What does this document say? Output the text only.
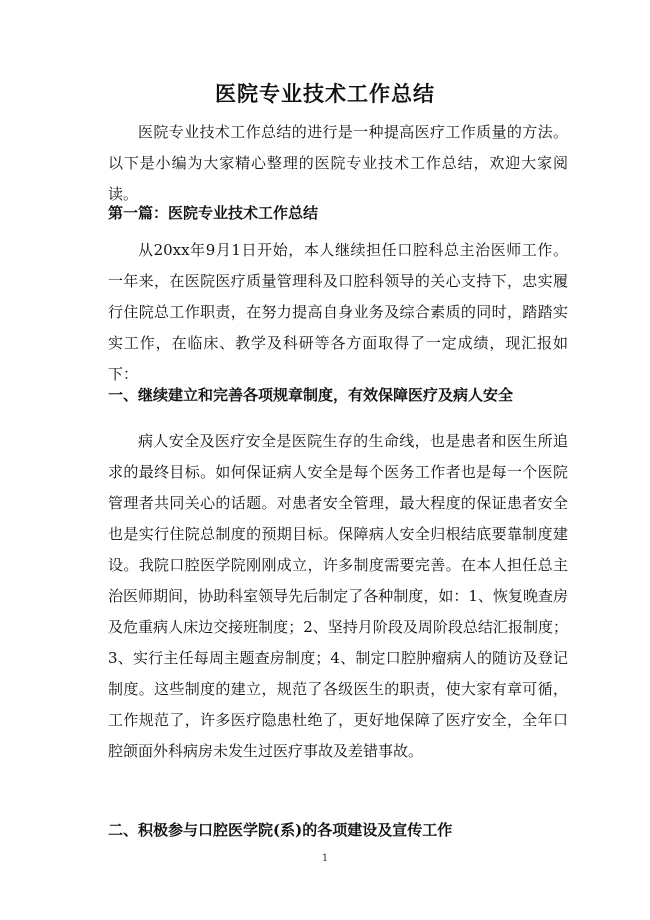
医院专业技术工作总结
医院专业技术工作总结的进行是一种提高医疗工作质量的方法。以下是小编为大家精心整理的医院专业技术工作总结，欢迎大家阅读。
第一篇：医院专业技术工作总结
从20xx年9月1日开始，本人继续担任口腔科总主治医师工作。一年来，在医院医疗质量管理科及口腔科领导的关心支持下，忠实履行住院总工作职责，在努力提高自身业务及综合素质的同时，踏踏实实工作，在临床、教学及科研等各方面取得了一定成绩，现汇报如下：
一、继续建立和完善各项规章制度，有效保障医疗及病人安全
病人安全及医疗安全是医院生存的生命线，也是患者和医生所追求的最终目标。如何保证病人安全是每个医务工作者也是每一个医院管理者共同关心的话题。对患者安全管理，最大程度的保证患者安全也是实行住院总制度的预期目标。保障病人安全归根结底要靠制度建设。我院口腔医学院刚刚成立，许多制度需要完善。在本人担任总主治医师期间，协助科室领导先后制定了各种制度，如：1、恢复晚查房及危重病人床边交接班制度；2、坚持月阶段及周阶段总结汇报制度；3、实行主任每周主题查房制度；4、制定口腔肿瘤病人的随访及登记制度。这些制度的建立，规范了各级医生的职责，使大家有章可循，工作规范了，许多医疗隐患杜绝了，更好地保障了医疗安全，全年口腔颌面外科病房未发生过医疗事故及差错事故。
二、积极参与口腔医学院(系)的各项建设及宣传工作
1
